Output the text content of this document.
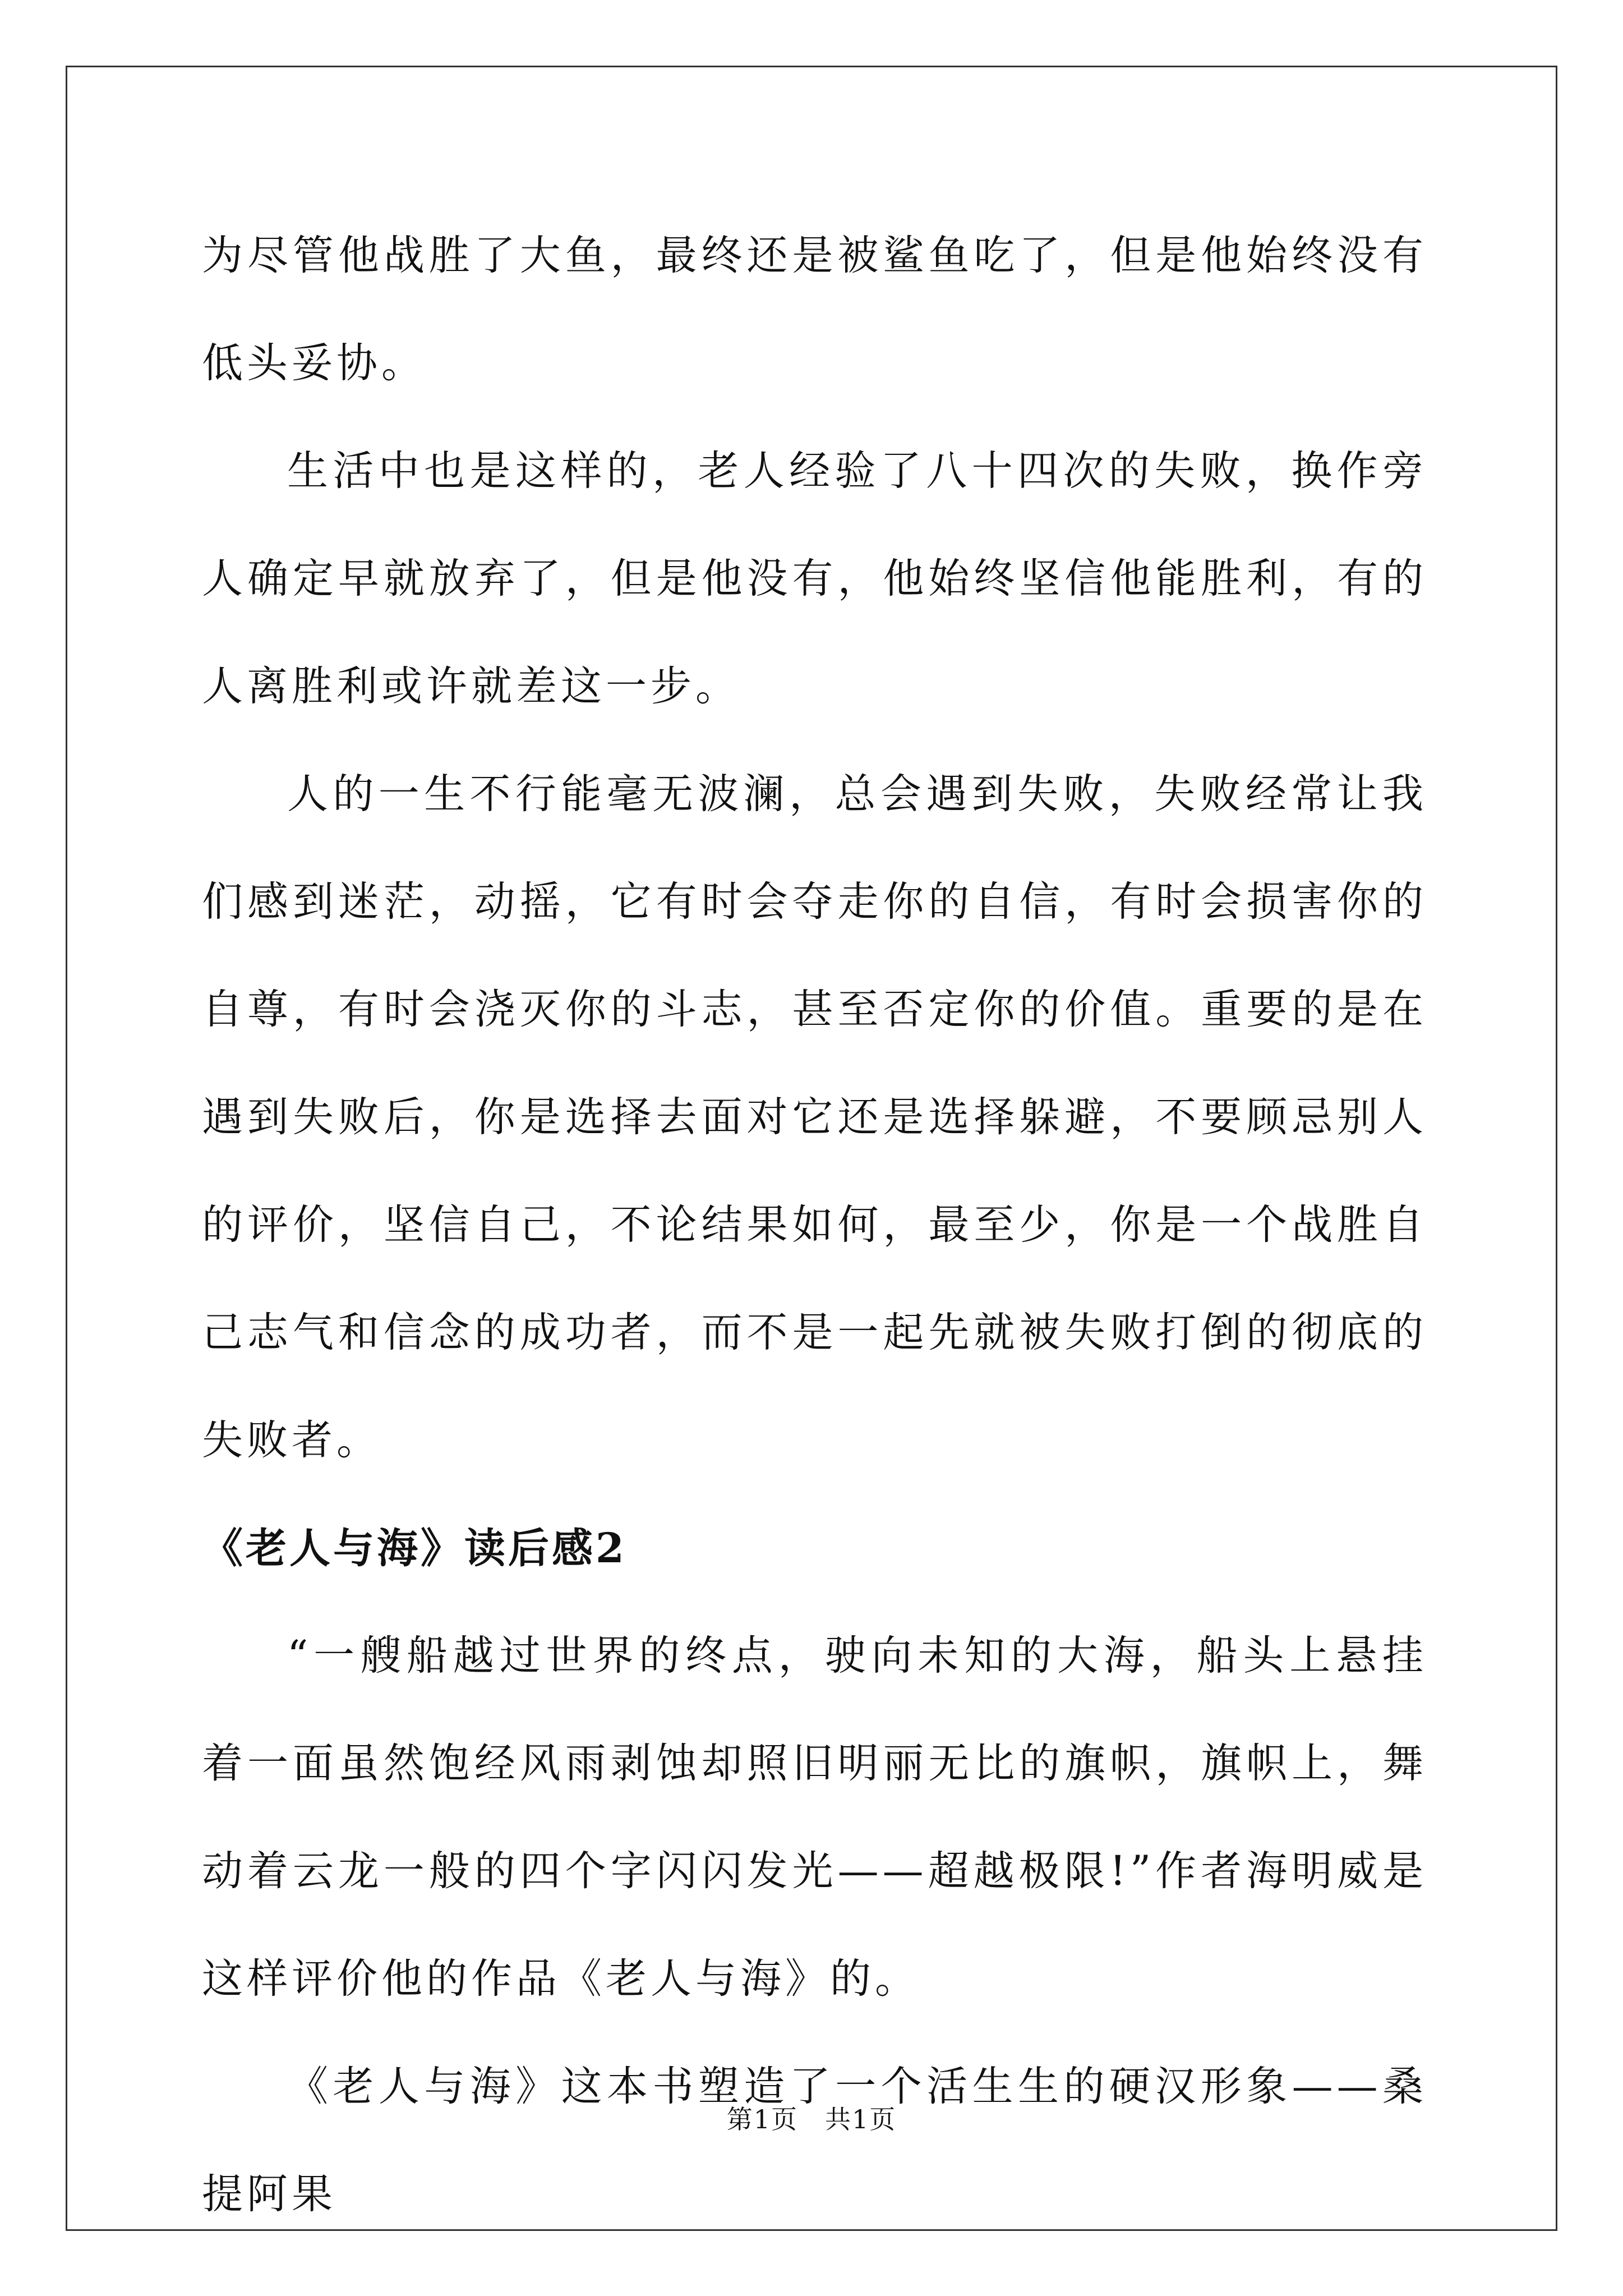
为尽管他战胜了大鱼，最终还是被鲨鱼吃了，但是他始终没有低头妥协。

生活中也是这样的，老人经验了八十四次的失败，换作旁人确定早就放弃了，但是他没有，他始终坚信他能胜利，有的人离胜利或许就差这一步。

人的一生不行能毫无波澜，总会遇到失败，失败经常让我们感到迷茫，动摇，它有时会夺走你的自信，有时会损害你的自尊，有时会浇灭你的斗志，甚至否定你的价值。重要的是在遇到失败后，你是选择去面对它还是选择躲避，不要顾忌别人的评价，坚信自己，不论结果如何，最至少，你是一个战胜自己志气和信念的成功者，而不是一起先就被失败打倒的彻底的失败者。

《老人与海》读后感2

“一艘船越过世界的终点，驶向未知的大海，船头上悬挂着一面虽然饱经风雨剥蚀却照旧明丽无比的旗帜，旗帜上，舞动着云龙一般的四个字闪闪发光——超越极限!”作者海明威是这样评价他的作品《老人与海》的。

《老人与海》这本书塑造了一个活生生的硬汉形象——桑提阿果

第1页　共1页
